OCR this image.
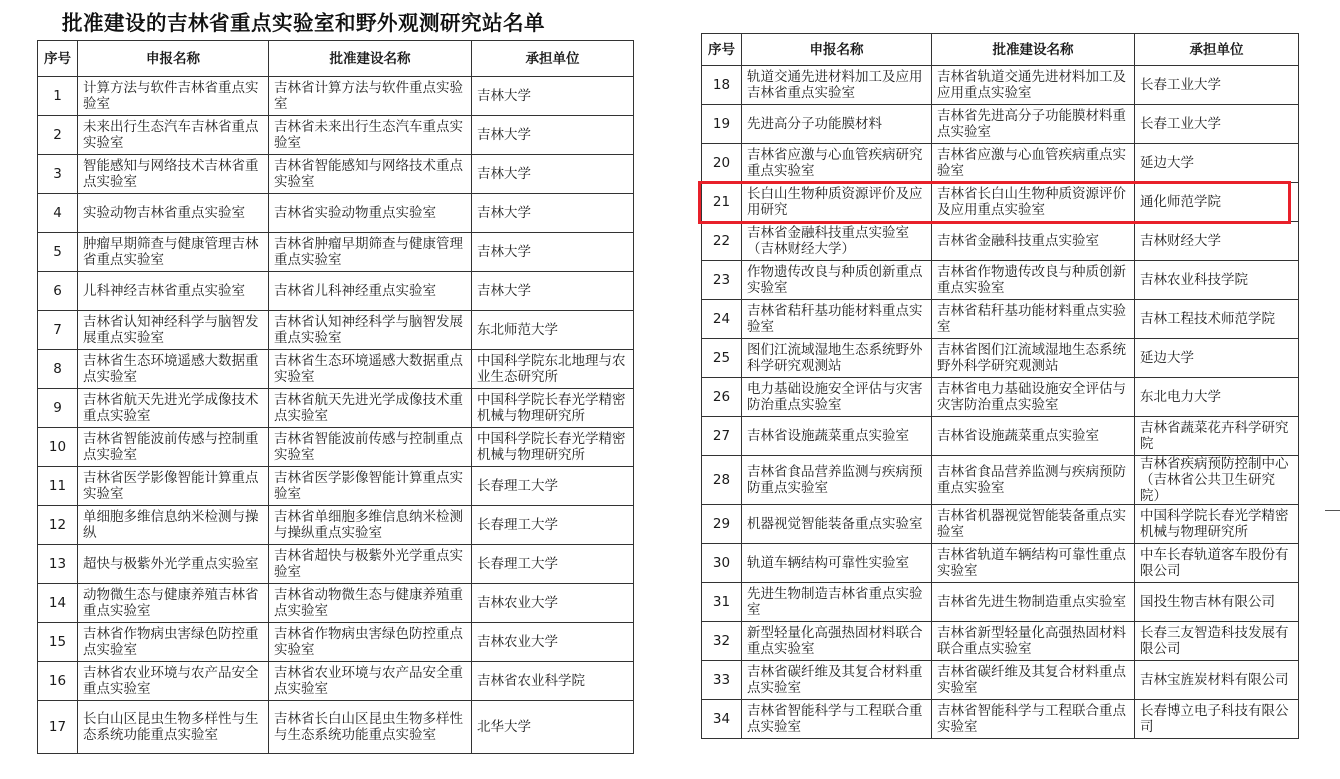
批准建设的吉林省重点实验室和野外观测研究站名单
序号	申报名称	批准建设名称	承担单位
1	计算方法与软件吉林省重点实验室	吉林省计算方法与软件重点实验室	吉林大学
2	未来出行生态汽车吉林省重点实验室	吉林省未来出行生态汽车重点实验室	吉林大学
3	智能感知与网络技术吉林省重点实验室	吉林省智能感知与网络技术重点实验室	吉林大学
4	实验动物吉林省重点实验室	吉林省实验动物重点实验室	吉林大学
5	肿瘤早期筛查与健康管理吉林省重点实验室	吉林省肿瘤早期筛查与健康管理重点实验室	吉林大学
6	儿科神经吉林省重点实验室	吉林省儿科神经重点实验室	吉林大学
7	吉林省认知神经科学与脑智发展重点实验室	吉林省认知神经科学与脑智发展重点实验室	东北师范大学
8	吉林省生态环境遥感大数据重点实验室	吉林省生态环境遥感大数据重点实验室	中国科学院东北地理与农业生态研究所
9	吉林省航天先进光学成像技术重点实验室	吉林省航天先进光学成像技术重点实验室	中国科学院长春光学精密机械与物理研究所
10	吉林省智能波前传感与控制重点实验室	吉林省智能波前传感与控制重点实验室	中国科学院长春光学精密机械与物理研究所
11	吉林省医学影像智能计算重点实验室	吉林省医学影像智能计算重点实验室	长春理工大学
12	单细胞多维信息纳米检测与操纵	吉林省单细胞多维信息纳米检测与操纵重点实验室	长春理工大学
13	超快与极紫外光学重点实验室	吉林省超快与极紫外光学重点实验室	长春理工大学
14	动物微生态与健康养殖吉林省重点实验室	吉林省动物微生态与健康养殖重点实验室	吉林农业大学
15	吉林省作物病虫害绿色防控重点实验室	吉林省作物病虫害绿色防控重点实验室	吉林农业大学
16	吉林省农业环境与农产品安全重点实验室	吉林省农业环境与农产品安全重点实验室	吉林省农业科学院
17	长白山区昆虫生物多样性与生态系统功能重点实验室	吉林省长白山区昆虫生物多样性与生态系统功能重点实验室	北华大学
序号	申报名称	批准建设名称	承担单位
18	轨道交通先进材料加工及应用吉林省重点实验室	吉林省轨道交通先进材料加工及应用重点实验室	长春工业大学
19	先进高分子功能膜材料	吉林省先进高分子功能膜材料重点实验室	长春工业大学
20	吉林省应激与心血管疾病研究重点实验室	吉林省应激与心血管疾病重点实验室	延边大学
21	长白山生物种质资源评价及应用研究	吉林省长白山生物种质资源评价及应用重点实验室	通化师范学院
22	吉林省金融科技重点实验室（吉林财经大学）	吉林省金融科技重点实验室	吉林财经大学
23	作物遗传改良与种质创新重点实验室	吉林省作物遗传改良与种质创新重点实验室	吉林农业科技学院
24	吉林省秸秆基功能材料重点实验室	吉林省秸秆基功能材料重点实验室	吉林工程技术师范学院
25	图们江流域湿地生态系统野外科学研究观测站	吉林省图们江流域湿地生态系统野外科学研究观测站	延边大学
26	电力基础设施安全评估与灾害防治重点实验室	吉林省电力基础设施安全评估与灾害防治重点实验室	东北电力大学
27	吉林省设施蔬菜重点实验室	吉林省设施蔬菜重点实验室	吉林省蔬菜花卉科学研究院
28	吉林省食品营养监测与疾病预防重点实验室	吉林省食品营养监测与疾病预防重点实验室	吉林省疾病预防控制中心（吉林省公共卫生研究院）
29	机器视觉智能装备重点实验室	吉林省机器视觉智能装备重点实验室	中国科学院长春光学精密机械与物理研究所
30	轨道车辆结构可靠性实验室	吉林省轨道车辆结构可靠性重点实验室	中车长春轨道客车股份有限公司
31	先进生物制造吉林省重点实验室	吉林省先进生物制造重点实验室	国投生物吉林有限公司
32	新型轻量化高强热固材料联合重点实验室	吉林省新型轻量化高强热固材料联合重点实验室	长春三友智造科技发展有限公司
33	吉林省碳纤维及其复合材料重点实验室	吉林省碳纤维及其复合材料重点实验室	吉林宝旌炭材料有限公司
34	吉林省智能科学与工程联合重点实验室	吉林省智能科学与工程联合重点实验室	长春博立电子科技有限公司
